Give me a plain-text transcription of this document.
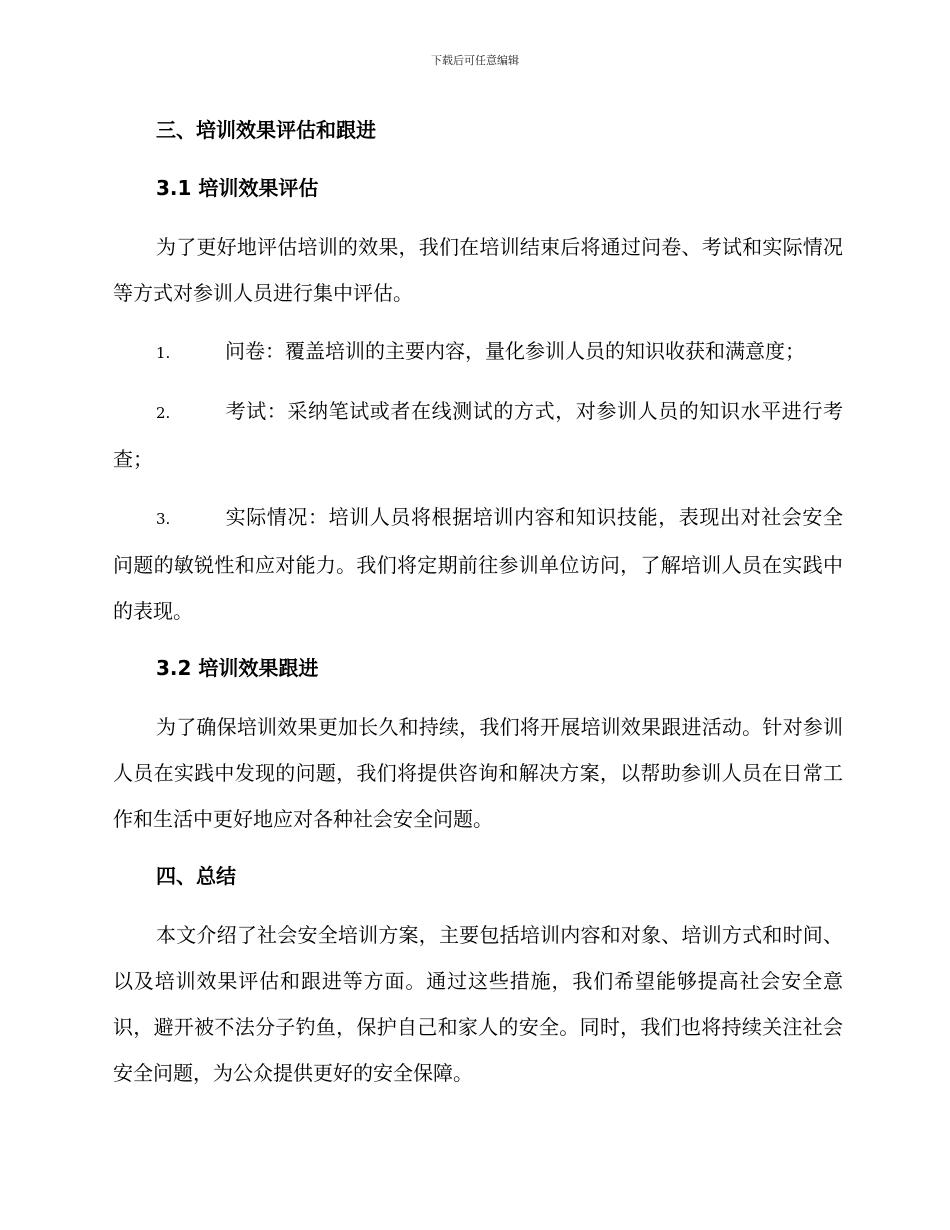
下载后可任意编辑
三、培训效果评估和跟进
3.1 培训效果评估
为了更好地评估培训的效果，我们在培训结束后将通过问卷、考试和实际情况等方式对参训人员进行集中评估。
1.	问卷：覆盖培训的主要内容，量化参训人员的知识收获和满意度；
2.	考试：采纳笔试或者在线测试的方式，对参训人员的知识水平进行考查；
3.	实际情况：培训人员将根据培训内容和知识技能，表现出对社会安全问题的敏锐性和应对能力。我们将定期前往参训单位访问，了解培训人员在实践中的表现。
3.2 培训效果跟进
为了确保培训效果更加长久和持续，我们将开展培训效果跟进活动。针对参训人员在实践中发现的问题，我们将提供咨询和解决方案，以帮助参训人员在日常工作和生活中更好地应对各种社会安全问题。
四、总结
本文介绍了社会安全培训方案，主要包括培训内容和对象、培训方式和时间、以及培训效果评估和跟进等方面。通过这些措施，我们希望能够提高社会安全意识，避开被不法分子钓鱼，保护自己和家人的安全。同时，我们也将持续关注社会安全问题，为公众提供更好的安全保障。
